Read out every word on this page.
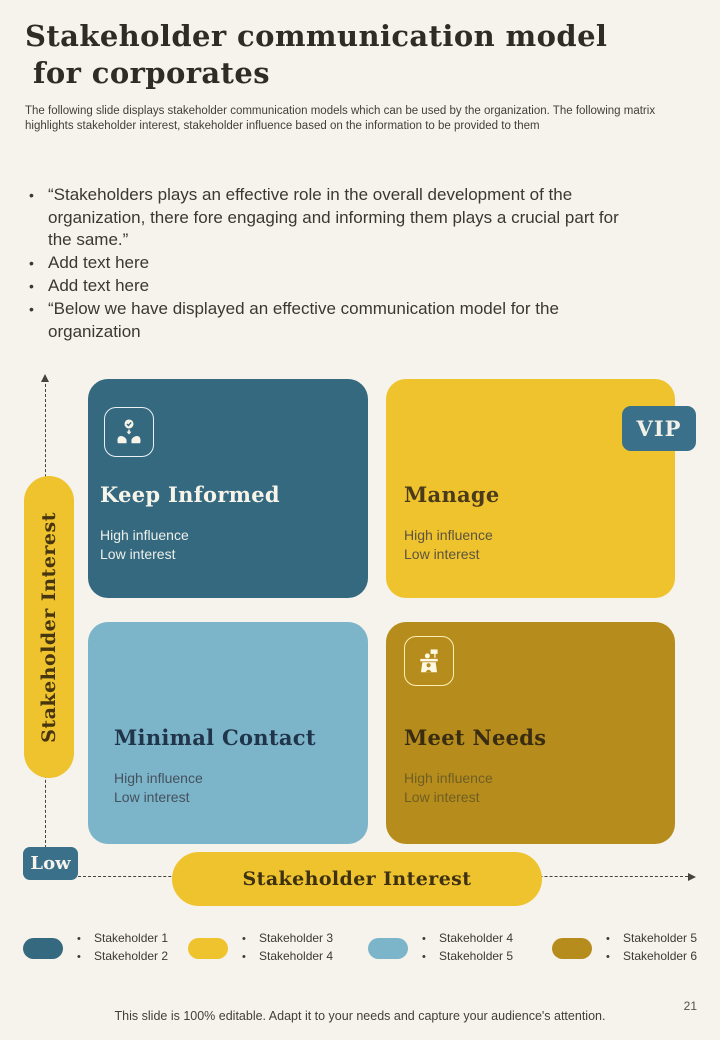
Stakeholder communication model
for corporates

The following slide displays stakeholder communication models which can be used by the organization. The following matrix highlights stakeholder interest, stakeholder influence based on the information to be provided to them

• “Stakeholders plays an effective role in the overall development of the organization, there fore engaging and informing them plays a crucial part for the same.”
• Add text here
• Add text here
• “Below we have displayed an effective communication model for the organization
Stakeholder Interest
Stakeholder Interest
Low
Keep Informed
High influence
Low interest
VIP
Manage
High influence
Low interest
Minimal Contact
High influence
Low interest
Meet Needs
High influence
Low interest
•	Stakeholder 1
•	Stakeholder 2
•	Stakeholder 3
•	Stakeholder 4
•	Stakeholder 4
•	Stakeholder 5
•	Stakeholder 5
•	Stakeholder 6
This slide is 100% editable. Adapt it to your needs and capture your audience's attention.
21
